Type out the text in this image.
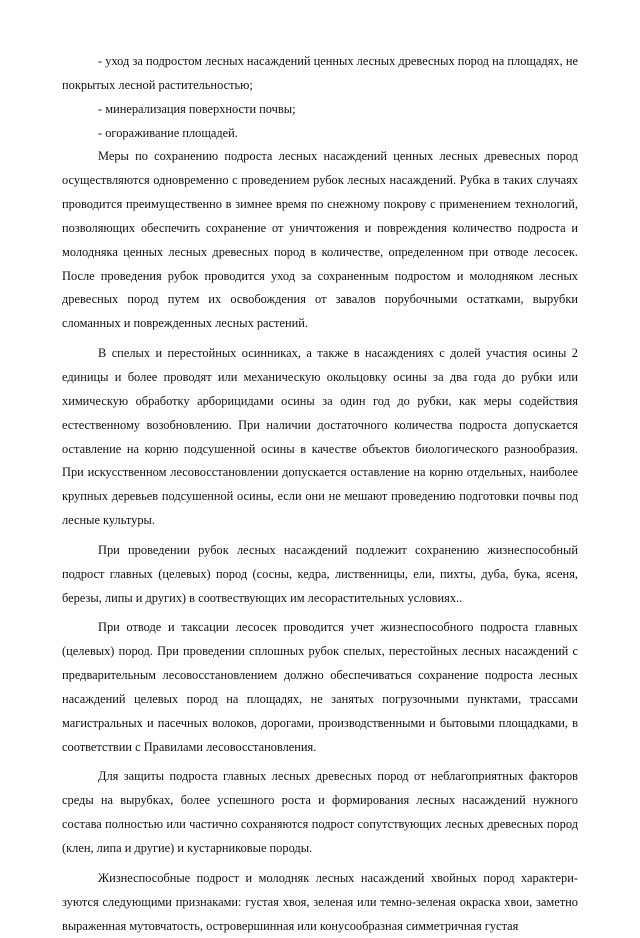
- уход за подростом лесных насаждений ценных лесных древесных пород на площадях, не покрытых лесной растительностью;

- минерализация поверхности почвы;

- огораживание площадей.

Меры по сохранению подроста лесных насаждений ценных лесных древесных пород осуществляются одновременно с проведением рубок лесных насаждений. Рубка в таких случаях проводится преимущественно в зимнее время по снежному покрову с применением технологий, позволяющих обеспечить сохранение от уничтожения и повреждения количество подроста и молодняка ценных лесных древесных пород в количестве, определенном при отводе лесосек. После проведения рубок проводится уход за сохраненным подростом и молодняком лесных древесных пород путем их освобождения от завалов порубочными остатками, вырубки сломанных и поврежденных лесных растений.

В спелых и перестойных осинниках, а также в насаждениях с долей участия осины 2 единицы и более проводят или механическую окольцовку осины за два года до рубки или химическую обработку арборицидами осины за один год до рубки, как меры содействия естественному возобновлению. При наличии достаточного количества подроста допускается оставление на корню подсушенной осины в качестве объектов биологического разнообразия. При искусственном лесовосстановлении допускается оставление на корню отдельных, наиболее крупных деревьев подсушенной осины, если они не мешают проведению подготовки почвы под лесные культуры.

При проведении рубок лесных насаждений подлежит сохранению жизнеспособный подрост главных (целевых) пород (сосны, кедра, лиственницы, ели, пихты, дуба, бука, ясеня, березы, липы и других) в соотвествующих им лесорастительных условиях..

При отводе и таксации лесосек проводится учет жизнеспособного подроста главных (целевых) пород. При проведении сплошных рубок спелых, перестойных лесных насаждений с предварительным лесовосстановлением должно обеспечиваться сохранение подроста лесных насаждений целевых пород на площадях, не занятых погрузочными пунктами, трассами магистральных и пасечных волоков, дорогами, производственными и бытовыми площадками, в соответствии с Правилами лесовосстановления.

Для защиты подроста главных лесных древесных пород от неблагоприятных факторов среды на вырубках, более успешного роста и формирования лесных насаждений нужного состава полностью или частично сохраняются подрост сопутствующих лесных древесных пород (клен, липа и другие) и кустарниковые породы.

Жизнеспособные подрост и молодняк лесных насаждений хвойных пород характеризуются следующими признаками: густая хвоя, зеленая или темно-зеленая окраска хвои, заметно выраженная мутовчатость, островершинная или конусообразная симметричная густая
